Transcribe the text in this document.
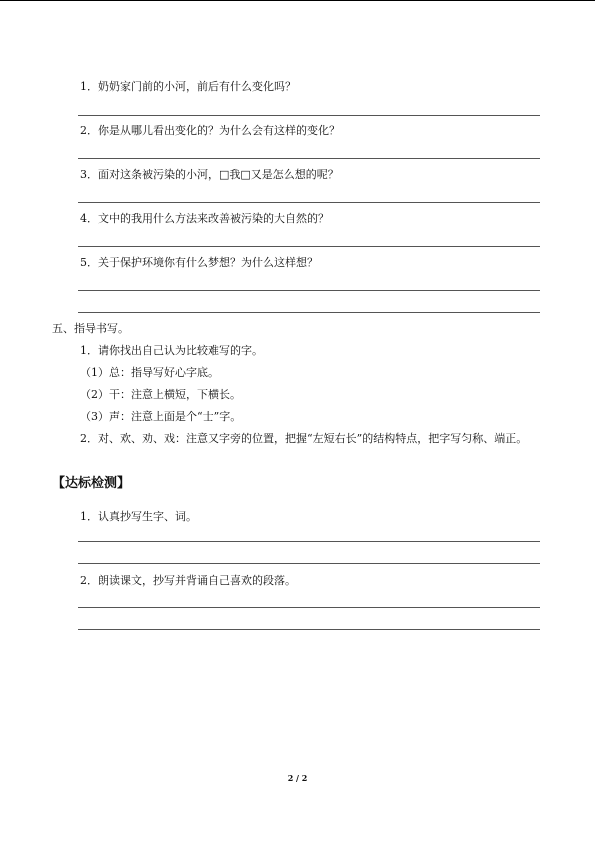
1．奶奶家门前的小河，前后有什么变化吗？
2．你是从哪儿看出变化的？为什么会有这样的变化？
3．面对这条被污染的小河，□我□又是怎么想的呢？
4．文中的我用什么方法来改善被污染的大自然的？
5．关于保护环境你有什么梦想？为什么这样想？
五、指导书写。
1．请你找出自己认为比较难写的字。
（1）总：指导写好心字底。
（2）干：注意上横短，下横长。
（3）声：注意上面是个“士”字。
2．对、欢、劝、戏：注意又字旁的位置，把握“左短右长”的结构特点，把字写匀称、端正。
【达标检测】
1．认真抄写生字、词。
2．朗读课文，抄写并背诵自己喜欢的段落。
2 / 2
